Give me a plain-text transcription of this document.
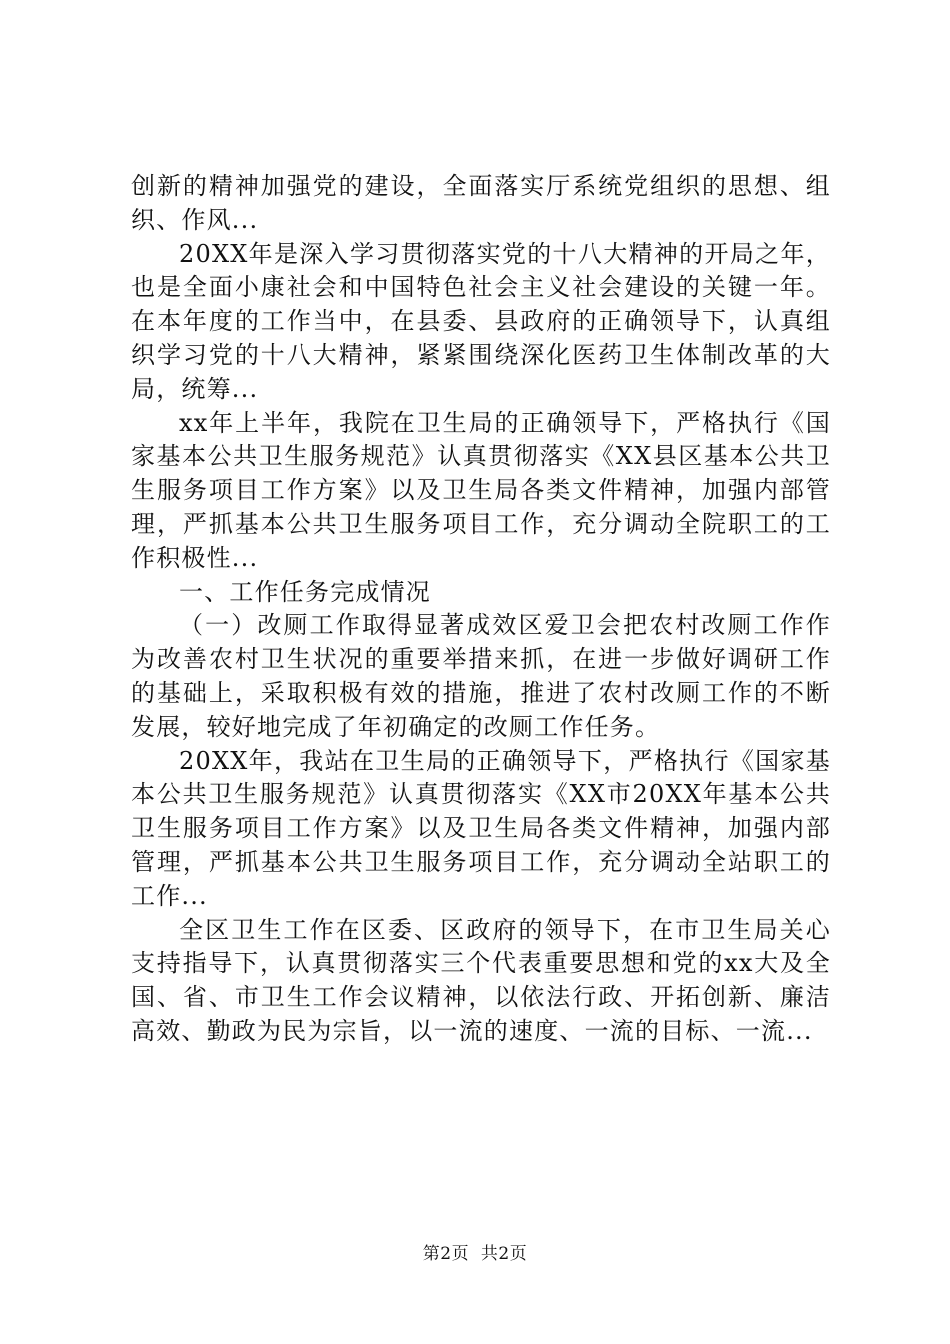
创新的精神加强党的建设，全面落实厅系统党组织的思想、组织、作风...

20XX年是深入学习贯彻落实党的十八大精神的开局之年，也是全面小康社会和中国特色社会主义社会建设的关键一年。在本年度的工作当中，在县委、县政府的正确领导下，认真组织学习党的十八大精神，紧紧围绕深化医药卫生体制改革的大局，统筹...

xx年上半年，我院在卫生局的正确领导下，严格执行《国家基本公共卫生服务规范》认真贯彻落实《XX县区基本公共卫生服务项目工作方案》以及卫生局各类文件精神，加强内部管理，严抓基本公共卫生服务项目工作，充分调动全院职工的工作积极性...

一、工作任务完成情况

（一）改厕工作取得显著成效区爱卫会把农村改厕工作作为改善农村卫生状况的重要举措来抓，在进一步做好调研工作的基础上，采取积极有效的措施，推进了农村改厕工作的不断发展，较好地完成了年初确定的改厕工作任务。

20XX年，我站在卫生局的正确领导下，严格执行《国家基本公共卫生服务规范》认真贯彻落实《XX市20XX年基本公共卫生服务项目工作方案》以及卫生局各类文件精神，加强内部管理，严抓基本公共卫生服务项目工作，充分调动全站职工的工作...

全区卫生工作在区委、区政府的领导下，在市卫生局关心支持指导下，认真贯彻落实三个代表重要思想和党的xx大及全国、省、市卫生工作会议精神，以依法行政、开拓创新、廉洁高效、勤政为民为宗旨，以一流的速度、一流的目标、一流...

第2页 共2页
